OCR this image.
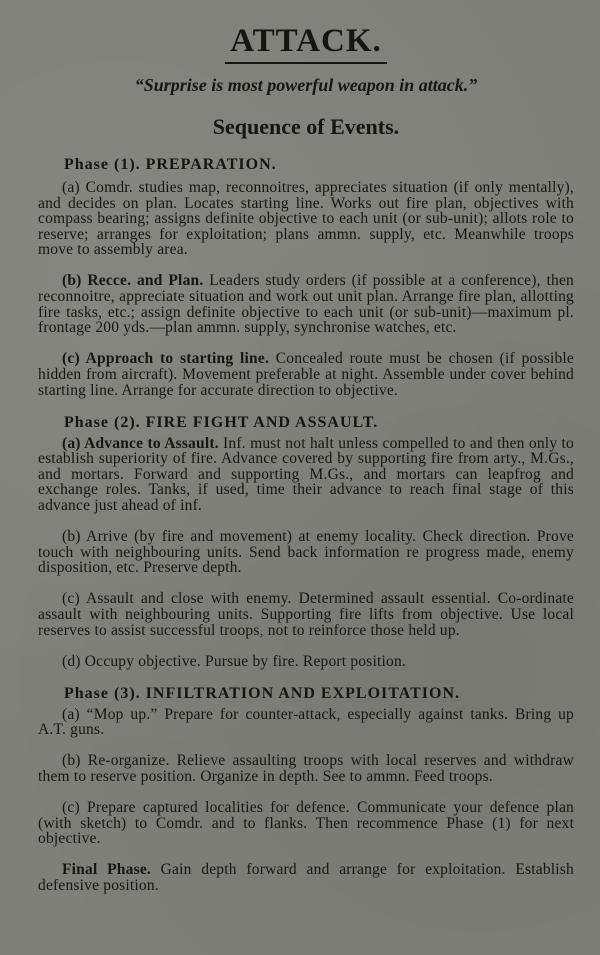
ATTACK.
“Surprise is most powerful weapon in attack.”
Sequence of Events.
Phase (1). PREPARATION.

(a) Comdr. studies map, reconnoitres, appreciates situation (if only mentally), and decides on plan. Locates starting line. Works out fire plan, objectives with compass bearing; assigns definite objective to each unit (or sub-unit); allots role to reserve; arranges for exploitation; plans ammn. supply, etc. Meanwhile troops move to assembly area.

(b) Recce. and Plan. Leaders study orders (if possible at a conference), then reconnoitre, appreciate situation and work out unit plan. Arrange fire plan, allotting fire tasks, etc.; assign definite objective to each unit (or sub-unit)—maximum pl. frontage 200 yds.—plan ammn. supply, synchronise watches, etc.

(c) Approach to starting line. Concealed route must be chosen (if possible hidden from aircraft). Movement preferable at night. Assemble under cover behind starting line. Arrange for accurate direction to objective.

Phase (2). FIRE FIGHT AND ASSAULT.

(a) Advance to Assault. Inf. must not halt unless compelled to and then only to establish superiority of fire. Advance covered by supporting fire from arty., M.Gs., and mortars. Forward and supporting M.Gs., and mortars can leapfrog and exchange roles. Tanks, if used, time their advance to reach final stage of this advance just ahead of inf.

(b) Arrive (by fire and movement) at enemy locality. Check direction. Prove touch with neighbouring units. Send back information re progress made, enemy disposition, etc. Preserve depth.

(c) Assault and close with enemy. Determined assault essential. Co-ordinate assault with neighbouring units. Supporting fire lifts from objective. Use local reserves to assist successful troops, not to reinforce those held up.

(d) Occupy objective. Pursue by fire. Report position.

Phase (3). INFILTRATION AND EXPLOITATION.

(a) “Mop up.” Prepare for counter-attack, especially against tanks. Bring up A.T. guns.

(b) Re-organize. Relieve assaulting troops with local reserves and withdraw them to reserve position. Organize in depth. See to ammn. Feed troops.

(c) Prepare captured localities for defence. Communicate your defence plan (with sketch) to Comdr. and to flanks. Then recommence Phase (1) for next objective.

Final Phase. Gain depth forward and arrange for exploitation. Establish defensive position.
